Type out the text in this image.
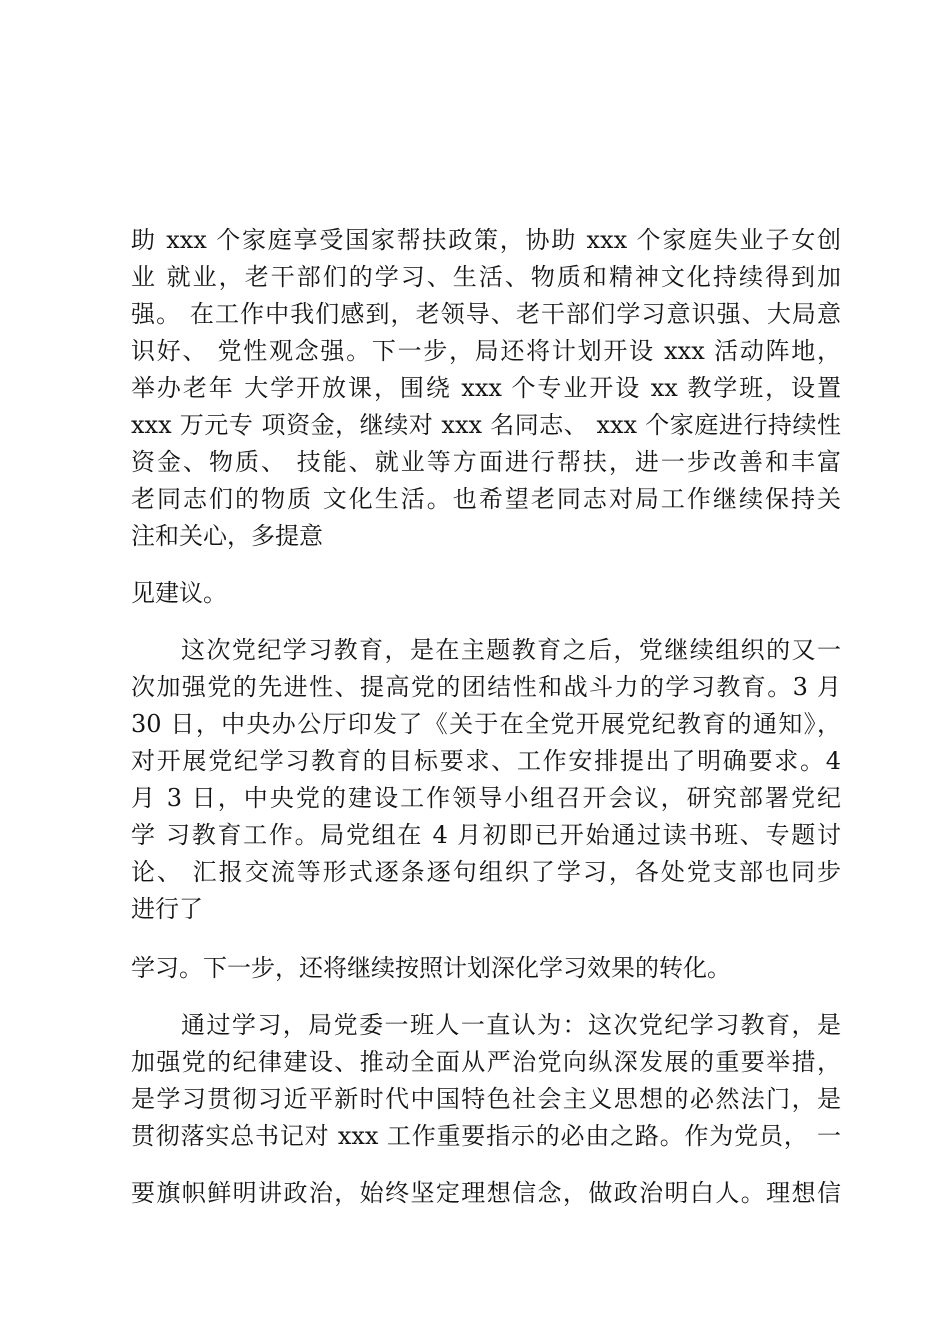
助 xxx 个家庭享受国家帮扶政策，协助 xxx 个家庭失业子女创
业 就业，老干部们的学习、生活、物质和精神文化持续得到加
强。 在工作中我们感到，老领导、老干部们学习意识强、大局意
识好、 党性观念强。下一步，局还将计划开设 xxx 活动阵地，
举办老年 大学开放课，围绕 xxx 个专业开设 xx 教学班，设置
xxx 万元专 项资金，继续对 xxx 名同志、 xxx 个家庭进行持续性
资金、物质、 技能、就业等方面进行帮扶，进一步改善和丰富
老同志们的物质 文化生活。也希望老同志对局工作继续保持关
注和关心，多提意
见建议。
这次党纪学习教育，是在主题教育之后，党继续组织的又一
次加强党的先进性、提高党的团结性和战斗力的学习教育。3 月
30 日，中央办公厅印发了《关于在全党开展党纪教育的通知》，
对开展党纪学习教育的目标要求、工作安排提出了明确要求。4
月 3 日，中央党的建设工作领导小组召开会议，研究部署党纪
学 习教育工作。局党组在 4 月初即已开始通过读书班、专题讨
论、 汇报交流等形式逐条逐句组织了学习，各处党支部也同步
进行了
学习。下一步，还将继续按照计划深化学习效果的转化。
通过学习，局党委一班人一直认为：这次党纪学习教育，是
加强党的纪律建设、推动全面从严治党向纵深发展的重要举措，
是学习贯彻习近平新时代中国特色社会主义思想的必然法门，是
贯彻落实总书记对 xxx 工作重要指示的必由之路。作为党员， 一
要旗帜鲜明讲政治，始终坚定理想信念，做政治明白人。理想信
